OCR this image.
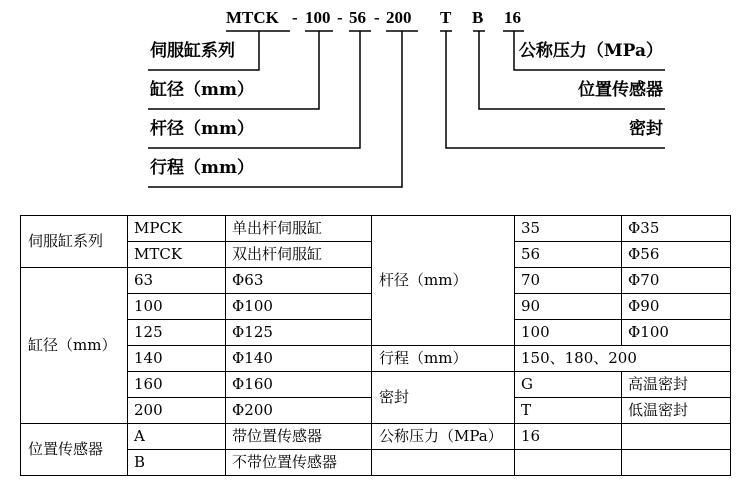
MTCK - 100 - 56 - 200 T B 16
伺服缸系列
缸径（mm）
杆径（mm）
行程（mm）
公称压力（MPa）
位置传感器
密封
伺服缸系列	MPCK	单出杆伺服缸	杆径（mm）	35	Φ35
	MTCK	双出杆伺服缸		56	Φ56
缸径（mm）	63	Φ63		70	Φ70
	100	Φ100		90	Φ90
	125	Φ125		100	Φ100
	140	Φ140	行程（mm）	150、180、200	
	160	Φ160	密封	G	高温密封
	200	Φ200		T	低温密封
位置传感器	A	带位置传感器	公称压力（MPa）	16	
	B	不带位置传感器			
